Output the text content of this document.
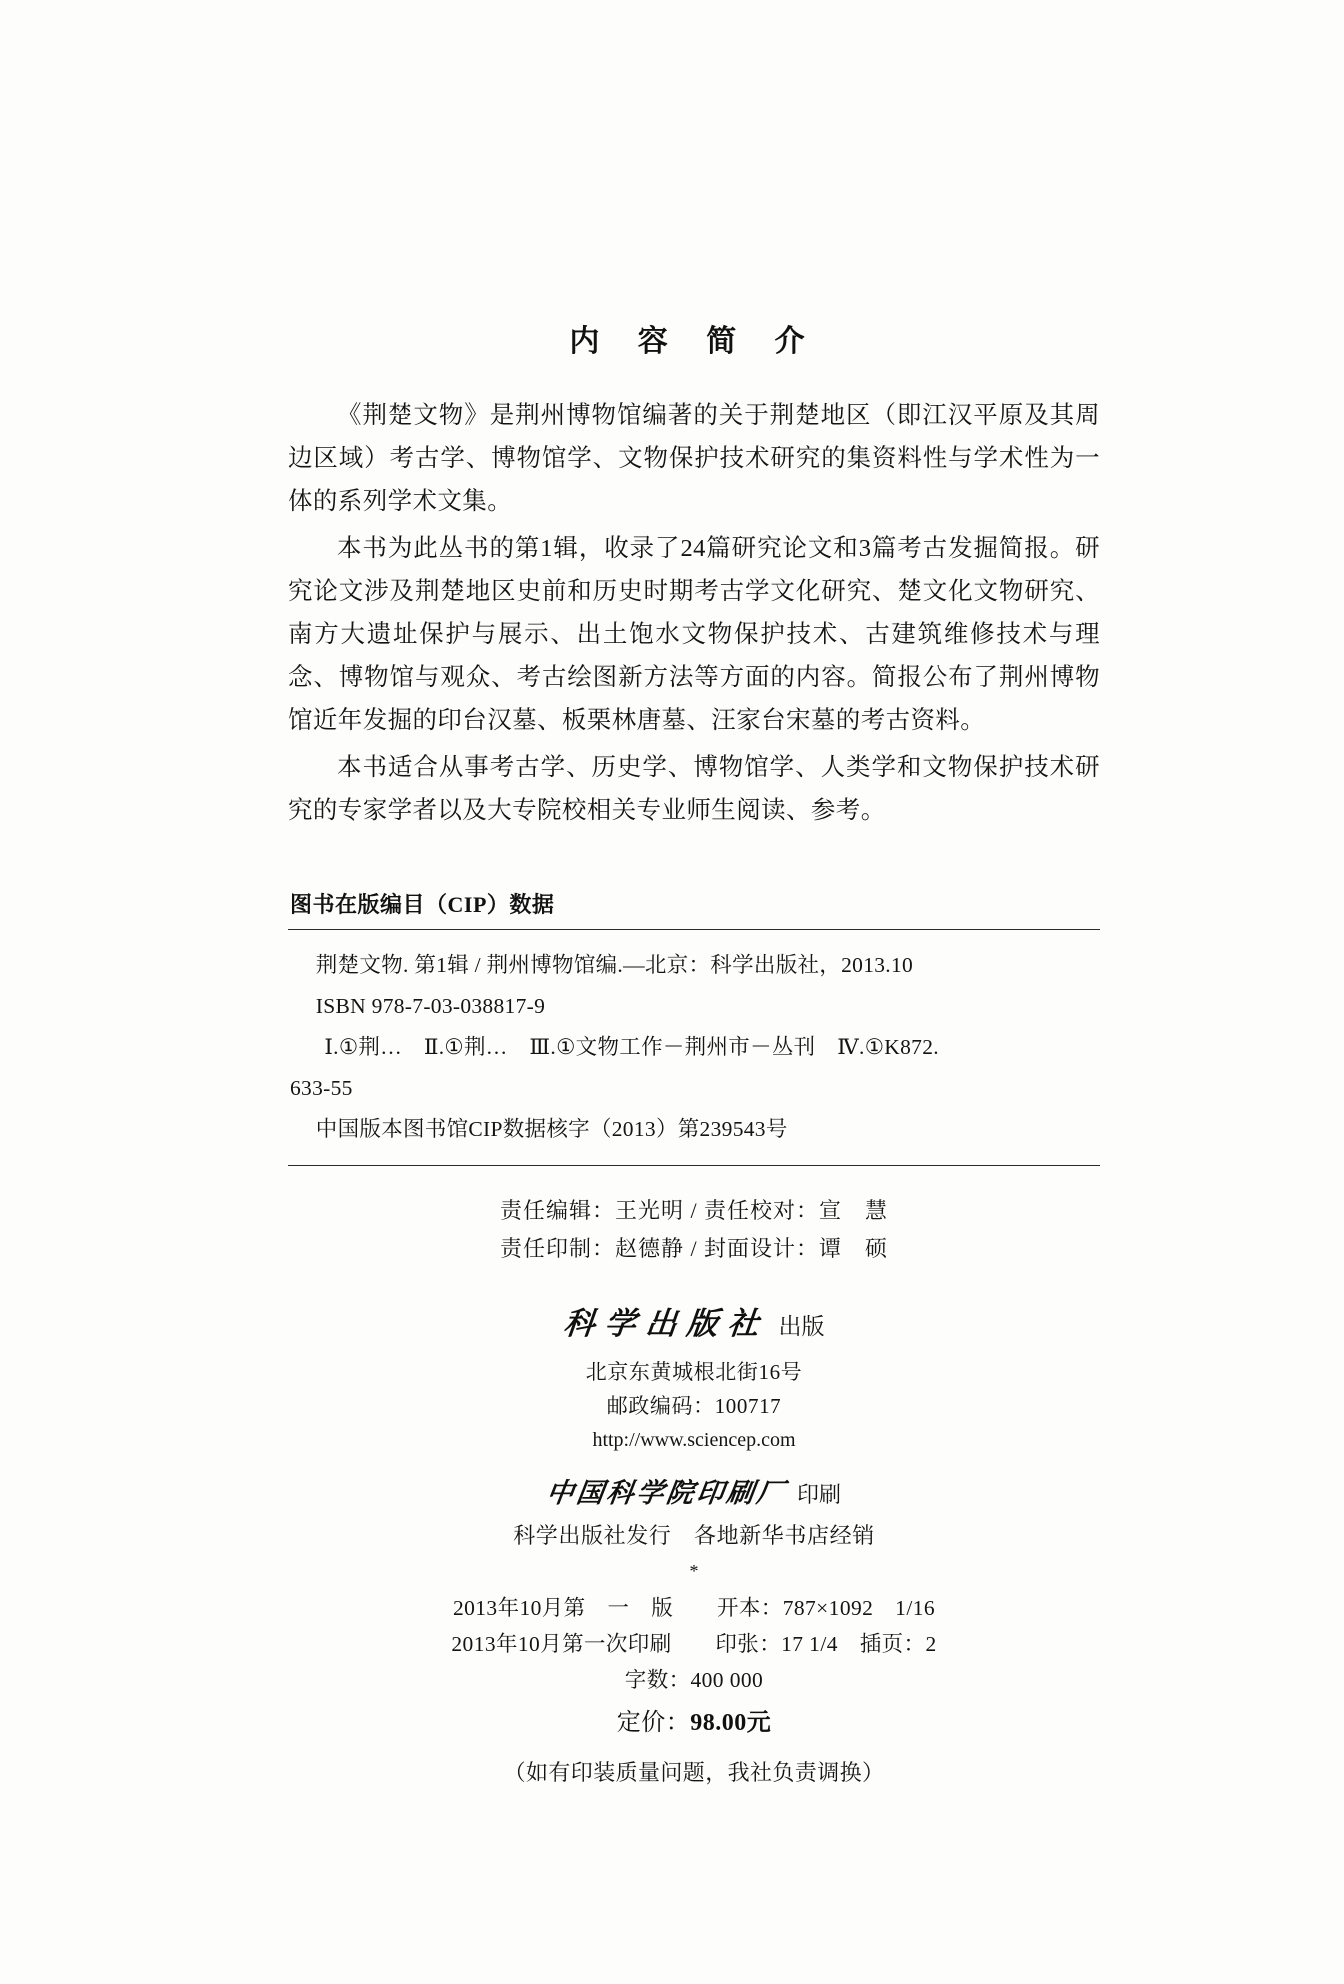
内 容 简 介

《荆楚文物》是荆州博物馆编著的关于荆楚地区（即江汉平原及其周边区域）考古学、博物馆学、文物保护技术研究的集资料性与学术性为一体的系列学术文集。

本书为此丛书的第1辑，收录了24篇研究论文和3篇考古发掘简报。研究论文涉及荆楚地区史前和历史时期考古学文化研究、楚文化文物研究、南方大遗址保护与展示、出土饱水文物保护技术、古建筑维修技术与理念、博物馆与观众、考古绘图新方法等方面的内容。简报公布了荆州博物馆近年发掘的印台汉墓、板栗林唐墓、汪家台宋墓的考古资料。

本书适合从事考古学、历史学、博物馆学、人类学和文物保护技术研究的专家学者以及大专院校相关专业师生阅读、参考。

图书在版编目（CIP）数据
荆楚文物. 第1辑 / 荆州博物馆编.—北京：科学出版社，2013.10
ISBN 978-7-03-038817-9
Ⅰ.①荆…　Ⅱ.①荆…　Ⅲ.①文物工作－荆州市－丛刊　Ⅳ.①K872.
633-55
中国版本图书馆CIP数据核字（2013）第239543号
责任编辑：王光明 / 责任校对：宣　慧
责任印制：赵德静 / 封面设计：谭　硕
科学出版社 出版
北京东黄城根北街16号
邮政编码：100717
http://www.sciencep.com
中国科学院印刷厂 印刷
科学出版社发行　各地新华书店经销
*
2013年10月第　一　版　　 开本：787×1092　1/16
2013年10月第一次印刷　　 印张：17 1/4　插页：2
字数：400 000
定价：98.00元
（如有印装质量问题，我社负责调换）
